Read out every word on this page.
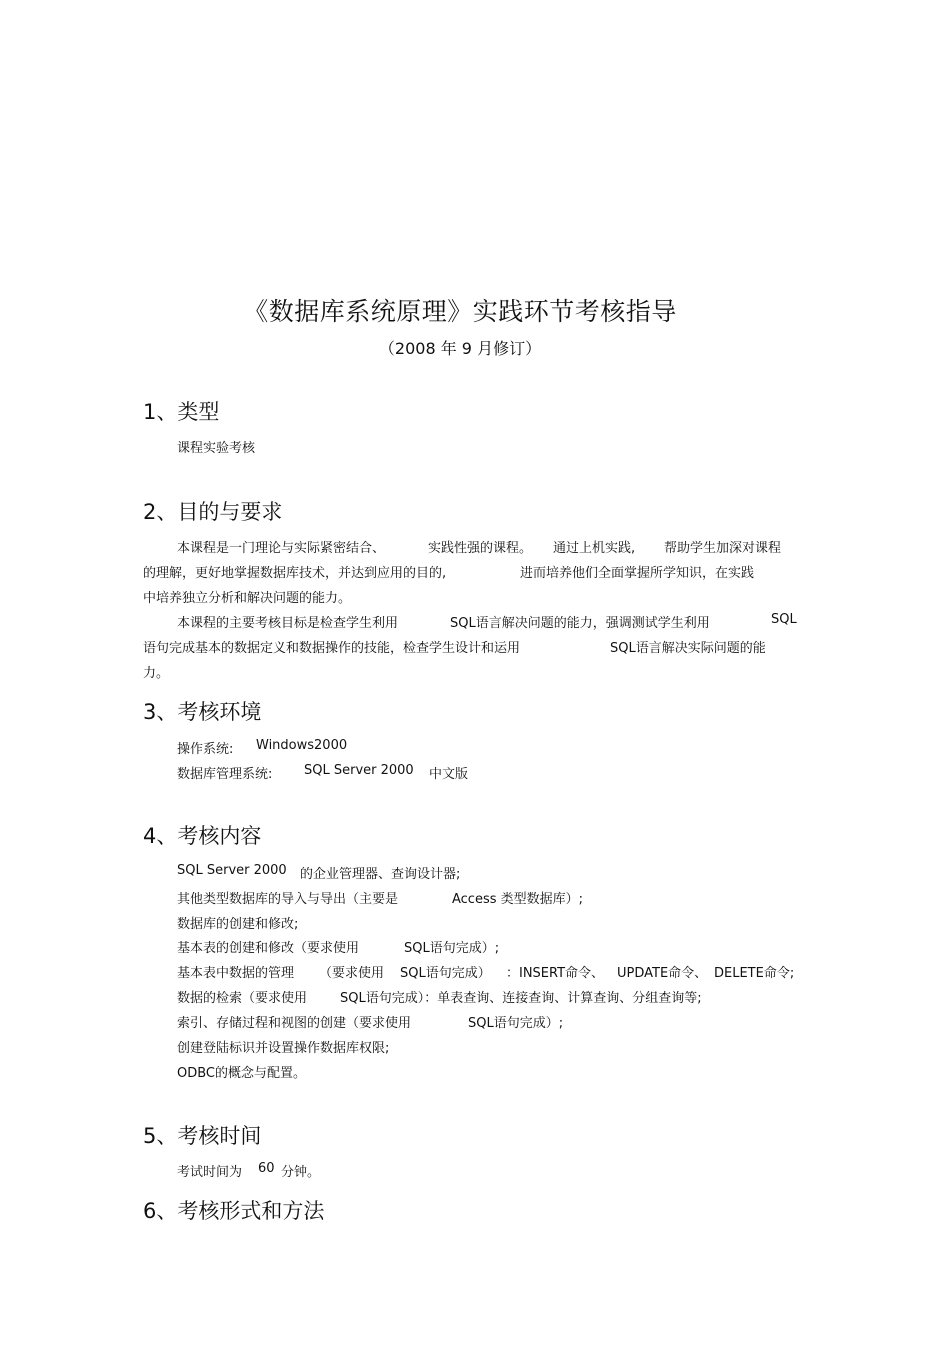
《数据库系统原理》实践环节考核指导
（2008 年 9 月修订）
1、类型
课程实验考核
2、目的与要求
本课程是一门理论与实际紧密结合、	实践性强的课程。 通过上机实践, 帮助学生加深对课程
的理解，更好地掌握数据库技术，并达到应用的目的,	进而培养他们全面掌握所学知识，在实践
中培养独立分析和解决问题的能力。
本课程的主要考核目标是检查学生利用	SQL语言解决问题的能力，强调测试学生利用	SQL
语句完成基本的数据定义和数据操作的技能，检查学生设计和运用	SQL语言解决实际问题的能
力。
3、考核环境
操作系统: Windows2000
数据库管理系统: SQL Server 2000 中文版
4、考核内容
SQL Server 2000 的企业管理器、查询设计器;
其他类型数据库的导入与导出（主要是	Access 类型数据库）;
数据库的创建和修改;
基本表的创建和修改（要求使用	SQL语句完成）;
基本表中数据的管理 （要求使用 SQL语句完成） ：INSERT命令、 UPDATE命令、 DELETE命令;
数据的检索（要求使用	SQL语句完成）：单表查询、连接查询、计算查询、分组查询等;
索引、存储过程和视图的创建（要求使用	SQL语句完成）;
创建登陆标识并设置操作数据库权限;
ODBC的概念与配置。
5、考核时间
考试时间为 60 分钟。
6、考核形式和方法
